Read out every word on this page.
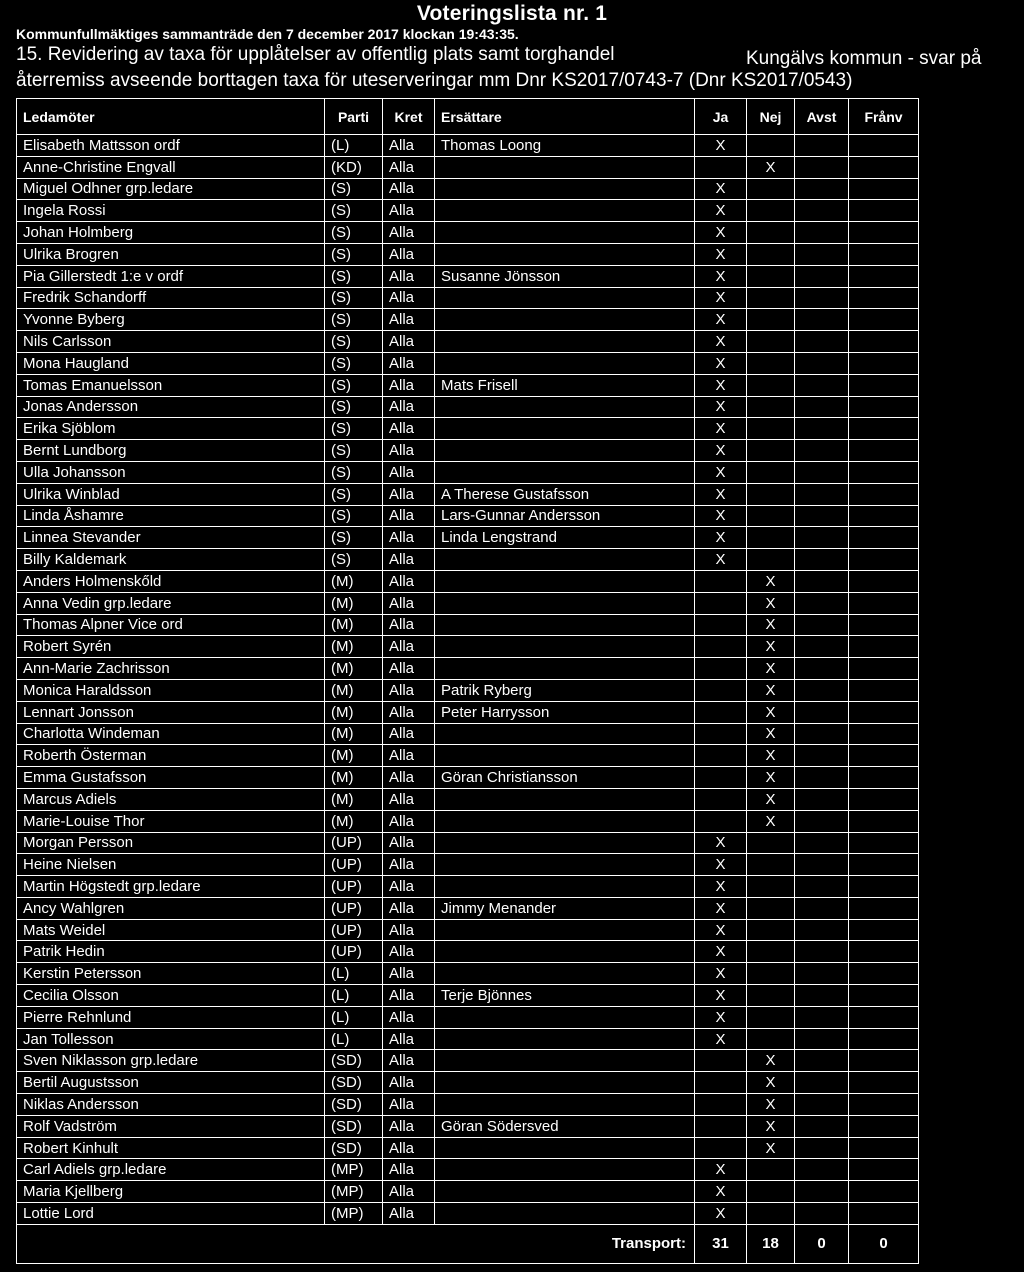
Voteringslista nr. 1
Kommunfullmäktiges sammanträde den 7 december 2017 klockan 19:43:35.
15. Revidering av taxa för upplåtelser av offentlig plats samt torghandel	Kungälvs kommun - svar på
återremiss avseende borttagen taxa för uteserveringar mm Dnr KS2017/0743-7 (Dnr KS2017/0543)
Ledamöter	Parti	Kret	Ersättare	Ja	Nej	Avst	Frånv
Elisabeth Mattsson ordf	(L)	Alla	Thomas Loong	X			
Anne-Christine Engvall	(KD)	Alla			X		
Miguel Odhner grp.ledare	(S)	Alla		X			
Ingela Rossi	(S)	Alla		X			
Johan Holmberg	(S)	Alla		X			
Ulrika Brogren	(S)	Alla		X			
Pia Gillerstedt 1:e v ordf	(S)	Alla	Susanne Jönsson	X			
Fredrik Schandorff	(S)	Alla		X			
Yvonne Byberg	(S)	Alla		X			
Nils Carlsson	(S)	Alla		X			
Mona Haugland	(S)	Alla		X			
Tomas Emanuelsson	(S)	Alla	Mats Frisell	X			
Jonas Andersson	(S)	Alla		X			
Erika Sjöblom	(S)	Alla		X			
Bernt Lundborg	(S)	Alla		X			
Ulla Johansson	(S)	Alla		X			
Ulrika Winblad	(S)	Alla	A Therese Gustafsson	X			
Linda Åshamre	(S)	Alla	Lars-Gunnar Andersson	X			
Linnea Stevander	(S)	Alla	Linda Lengstrand	X			
Billy Kaldemark	(S)	Alla		X			
Anders Holmenskőld	(M)	Alla			X		
Anna Vedin grp.ledare	(M)	Alla			X		
Thomas Alpner Vice ord	(M)	Alla			X		
Robert Syrén	(M)	Alla			X		
Ann-Marie Zachrisson	(M)	Alla			X		
Monica Haraldsson	(M)	Alla	Patrik Ryberg		X		
Lennart Jonsson	(M)	Alla	Peter Harrysson		X		
Charlotta Windeman	(M)	Alla			X		
Roberth Österman	(M)	Alla			X		
Emma Gustafsson	(M)	Alla	Göran Christiansson		X		
Marcus Adiels	(M)	Alla			X		
Marie-Louise Thor	(M)	Alla			X		
Morgan Persson	(UP)	Alla		X			
Heine Nielsen	(UP)	Alla		X			
Martin Högstedt grp.ledare	(UP)	Alla		X			
Ancy Wahlgren	(UP)	Alla	Jimmy Menander	X			
Mats Weidel	(UP)	Alla		X			
Patrik Hedin	(UP)	Alla		X			
Kerstin Petersson	(L)	Alla		X			
Cecilia Olsson	(L)	Alla	Terje Bjönnes	X			
Pierre Rehnlund	(L)	Alla		X			
Jan Tollesson	(L)	Alla		X			
Sven Niklasson grp.ledare	(SD)	Alla			X		
Bertil Augustsson	(SD)	Alla			X		
Niklas Andersson	(SD)	Alla			X		
Rolf Vadström	(SD)	Alla	Göran Södersved		X		
Robert Kinhult	(SD)	Alla			X		
Carl Adiels grp.ledare	(MP)	Alla		X			
Maria Kjellberg	(MP)	Alla		X			
Lottie Lord	(MP)	Alla		X			
Transport:				31	18	0	0
